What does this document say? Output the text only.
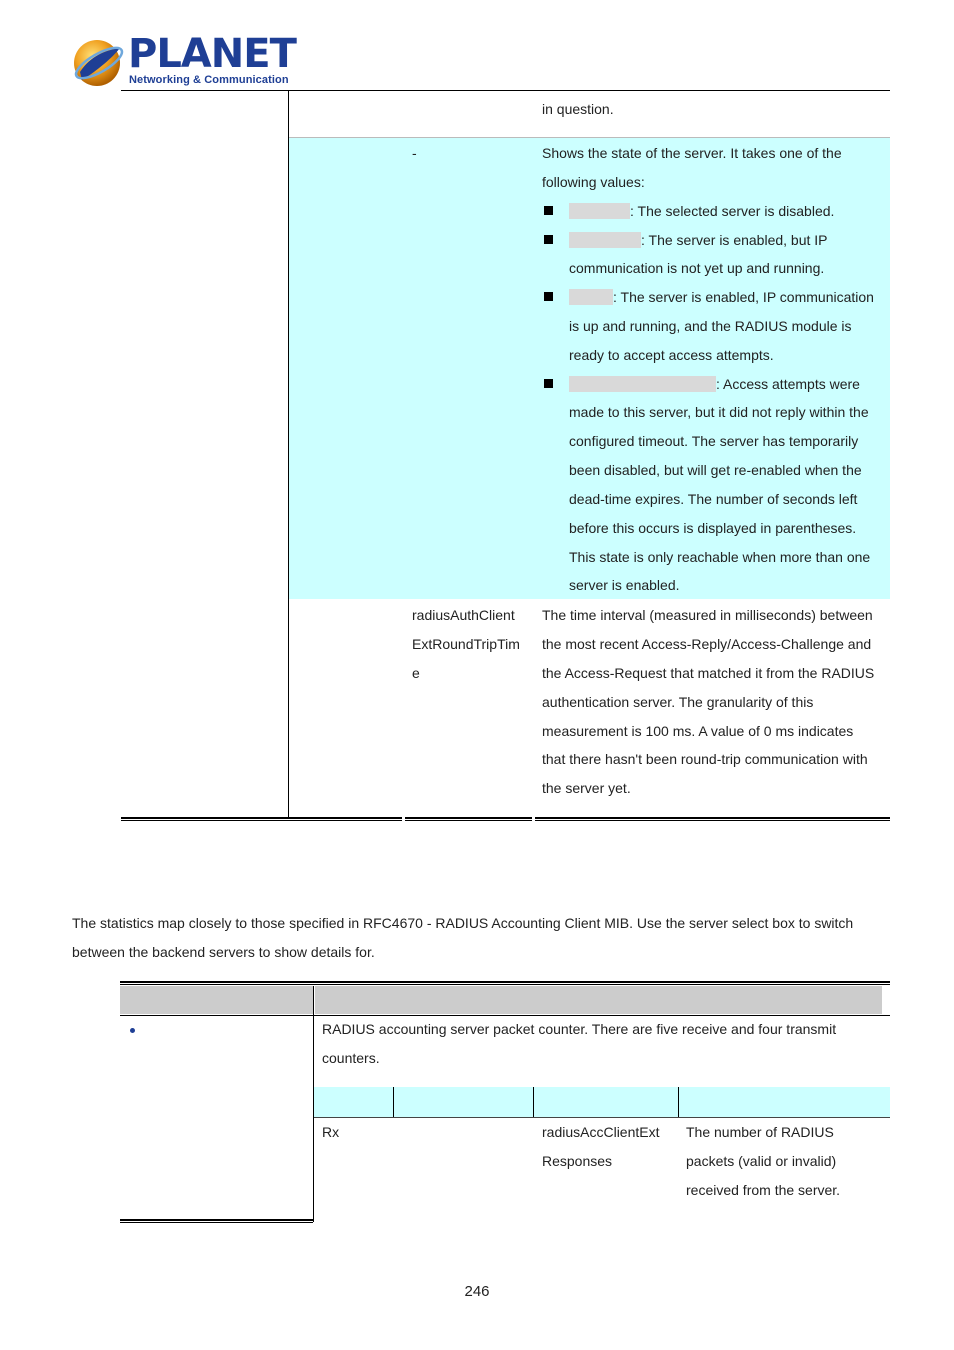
PLANET
Networking & Communication
in question.
-	Shows the state of the server. It takes one of the
following values:
: The selected server is disabled.
: The server is enabled, but IP
communication is not yet up and running.
: The server is enabled, IP communication
is up and running, and the RADIUS module is
ready to accept access attempts.
: Access attempts were
made to this server, but it did not reply within the
configured timeout. The server has temporarily
been disabled, but will get re-enabled when the
dead-time expires. The number of seconds left
before this occurs is displayed in parentheses.
This state is only reachable when more than one
server is enabled.
radiusAuthClient
ExtRoundTripTim
e
The time interval (measured in milliseconds) between
the most recent Access-Reply/Access-Challenge and
the Access-Request that matched it from the RADIUS
authentication server. The granularity of this
measurement is 100 ms. A value of 0 ms indicates
that there hasn't been round-trip communication with
the server yet.
The statistics map closely to those specified in RFC4670 - RADIUS Accounting Client MIB. Use the server select box to switch
between the backend servers to show details for.
RADIUS accounting server packet counter. There are five receive and four transmit
counters.
Rx	radiusAccClientExt
Responses
The number of RADIUS
packets (valid or invalid)
received from the server.
246
